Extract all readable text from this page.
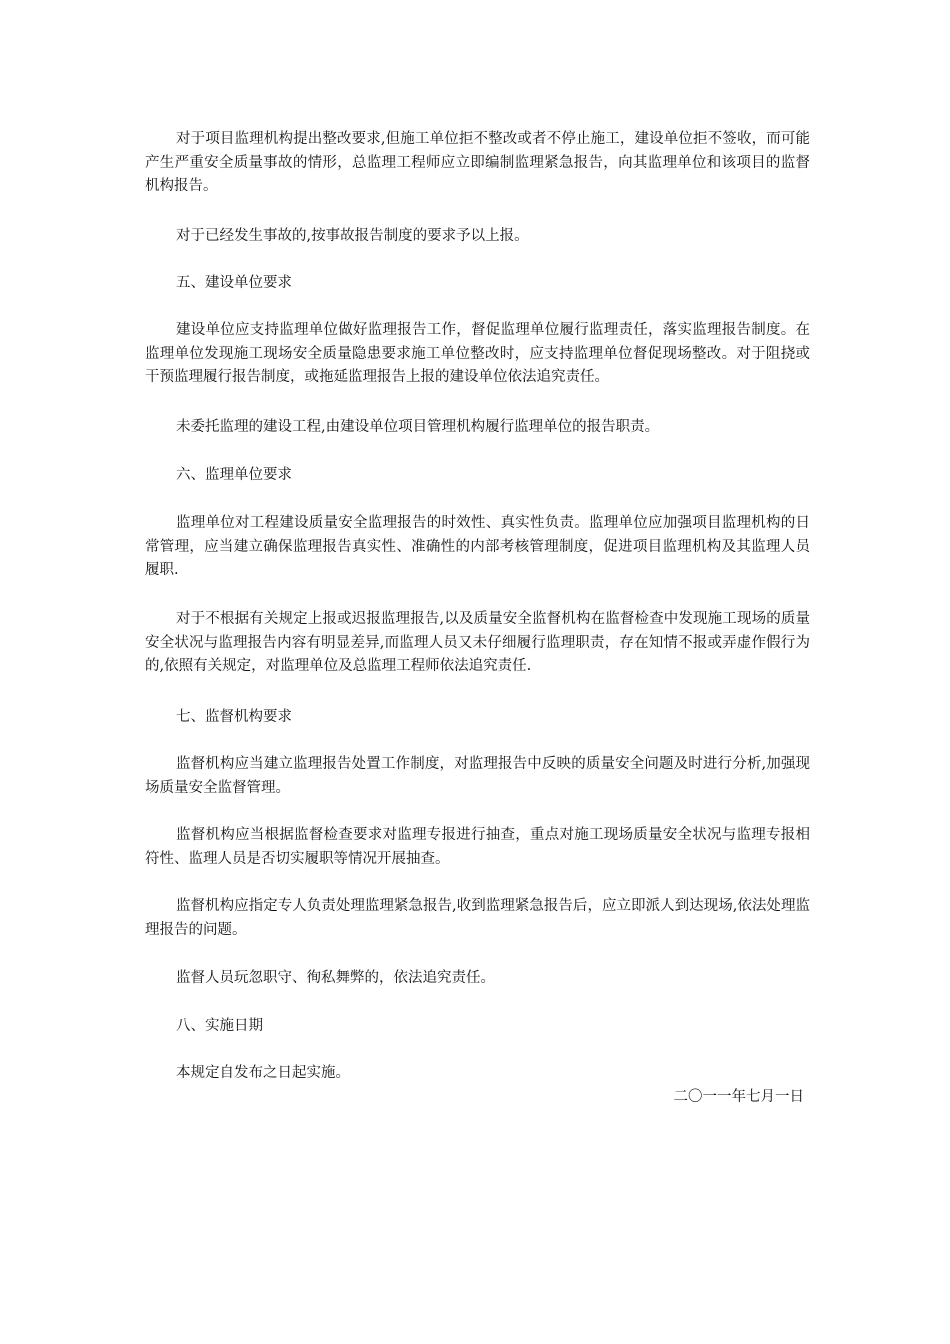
对于项目监理机构提出整改要求,但施工单位拒不整改或者不停止施工，建设单位拒不签收，而可能产生严重安全质量事故的情形，总监理工程师应立即编制监理紧急报告，向其监理单位和该项目的监督机构报告。

对于已经发生事故的,按事故报告制度的要求予以上报。

五、建设单位要求

建设单位应支持监理单位做好监理报告工作，督促监理单位履行监理责任，落实监理报告制度。在监理单位发现施工现场安全质量隐患要求施工单位整改时，应支持监理单位督促现场整改。对于阻挠或干预监理履行报告制度，或拖延监理报告上报的建设单位依法追究责任。

未委托监理的建设工程,由建设单位项目管理机构履行监理单位的报告职责。

六、监理单位要求

监理单位对工程建设质量安全监理报告的时效性、真实性负责。监理单位应加强项目监理机构的日常管理，应当建立确保监理报告真实性、准确性的内部考核管理制度，促进项目监理机构及其监理人员履职.

对于不根据有关规定上报或迟报监理报告,以及质量安全监督机构在监督检查中发现施工现场的质量安全状况与监理报告内容有明显差异,而监理人员又未仔细履行监理职责，存在知情不报或弄虚作假行为的,依照有关规定，对监理单位及总监理工程师依法追究责任.

七、监督机构要求

监督机构应当建立监理报告处置工作制度，对监理报告中反映的质量安全问题及时进行分析,加强现场质量安全监督管理。

监督机构应当根据监督检查要求对监理专报进行抽查，重点对施工现场质量安全状况与监理专报相符性、监理人员是否切实履职等情况开展抽查。

监督机构应指定专人负责处理监理紧急报告,收到监理紧急报告后，应立即派人到达现场,依法处理监理报告的问题。

监督人员玩忽职守、徇私舞弊的，依法追究责任。

八、实施日期

本规定自发布之日起实施。

二〇一一年七月一日
